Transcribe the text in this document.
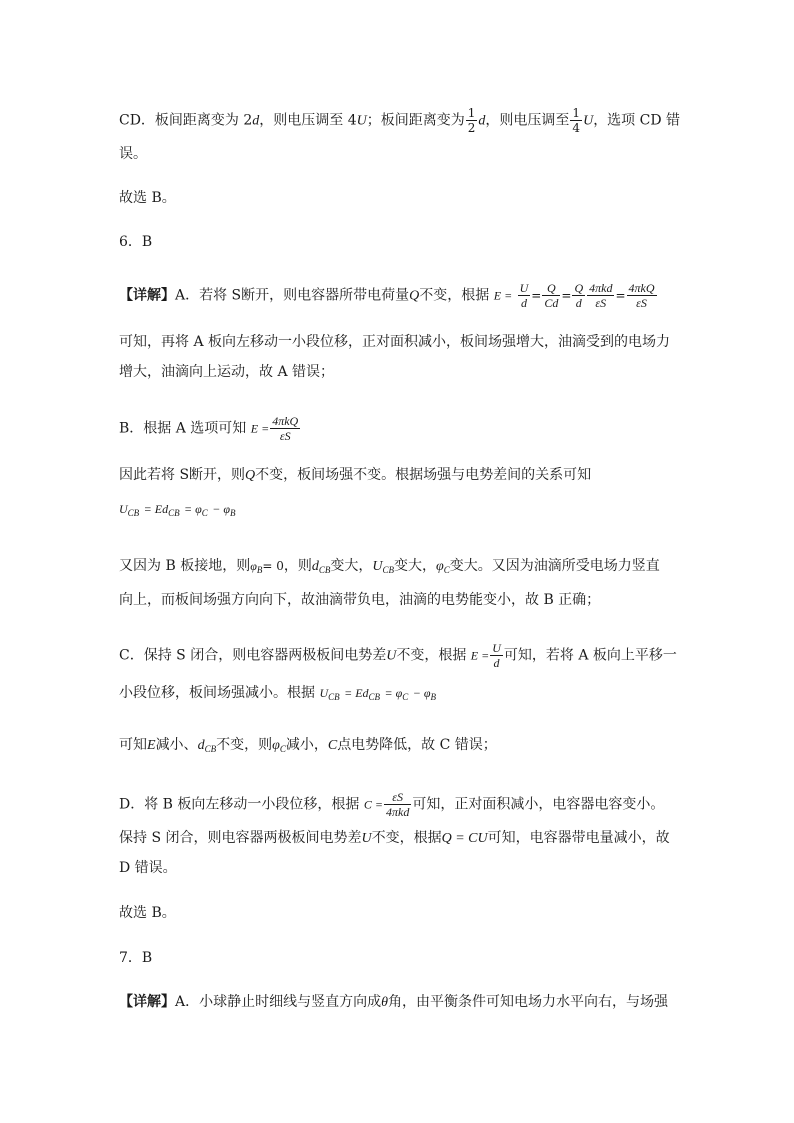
CD．板间距离变为 2d，则电压调至 4U；板间距离变为 $\frac{1}{2}$ d，则电压调至 $\frac{1}{4}$ U，选项 CD 错
误。
故选 B。
6．B
【详解】A．若将 S断开，则电容器所带电荷量Q不变，根据 $E = \frac{U}{d} = \frac{Q}{Cd} = \frac{Q}{d} \frac{\text{4πkd}}{\varepsilon S} = \frac{\text{4πkQ}}{\varepsilon S}$
可知，再将 A 板向左移动一小段位移，正对面积减小，板间场强增大，油滴受到的电场力
增大，油滴向上运动，故 A 错误；
B．根据 A 选项可知 $E = \frac{\text{4πkQ}}{\varepsilon S}$
因此若将 S断开，则Q不变，板间场强不变。根据场强与电势差间的关系可知
$U_{CB} = Ed_{CB} = \varphi_C - \varphi_B$
又因为 B 板接地，则$\varphi_B= 0$，则$d_{CB}$变大，$U_{CB}$变大，$\varphi_C$变大。又因为油滴所受电场力竖直
向上，而板间场强方向向下，故油滴带负电，油滴的电势能变小，故 B 正确；
C．保持 S 闭合，则电容器两极板间电势差U不变，根据 $E = \frac{U}{d}$ 可知，若将 A 板向上平移一
小段位移，板间场强减小。根据 $U_{CB} = Ed_{CB} = \varphi_C - \varphi_B$
可知E减小、$d_{CB}$不变，则$\varphi_C$减小，C点电势降低，故 C 错误；
D．将 B 板向左移动一小段位移，根据 $C = \frac{\varepsilon S}{\text{4πkd}}$ 可知，正对面积减小，电容器电容变小。
保持 S 闭合，则电容器两极板间电势差U不变，根据Q = CU可知，电容器带电量减小，故
D 错误。
故选 B。
7．B
【详解】A．小球静止时细线与竖直方向成θ角，由平衡条件可知电场力水平向右，与场强
